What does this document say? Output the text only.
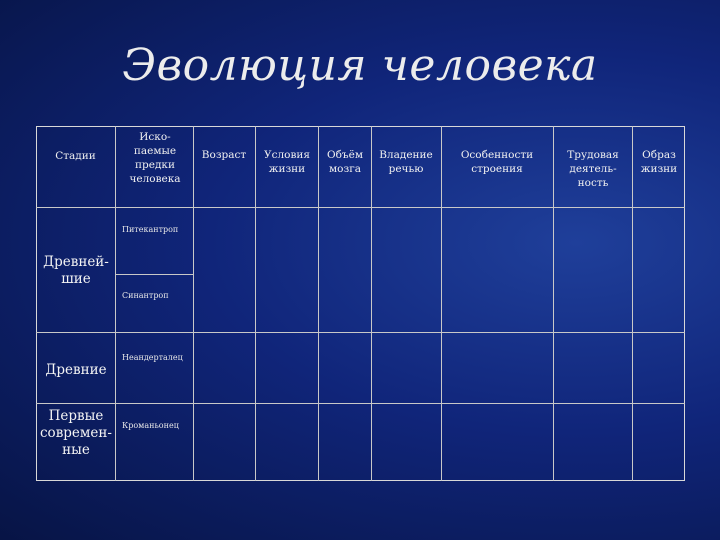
Эволюция человека
Стадии
Иско-паемые предки человека
Возраст	Условия жизни
Объём мозга
Владение речью
Особенности строения
Трудовая деятель-ность
Образ жизни
Древней-шие
Древние
Первые современ-ные
Питекантроп
Синантроп
Неандерталец
Кроманьонец
